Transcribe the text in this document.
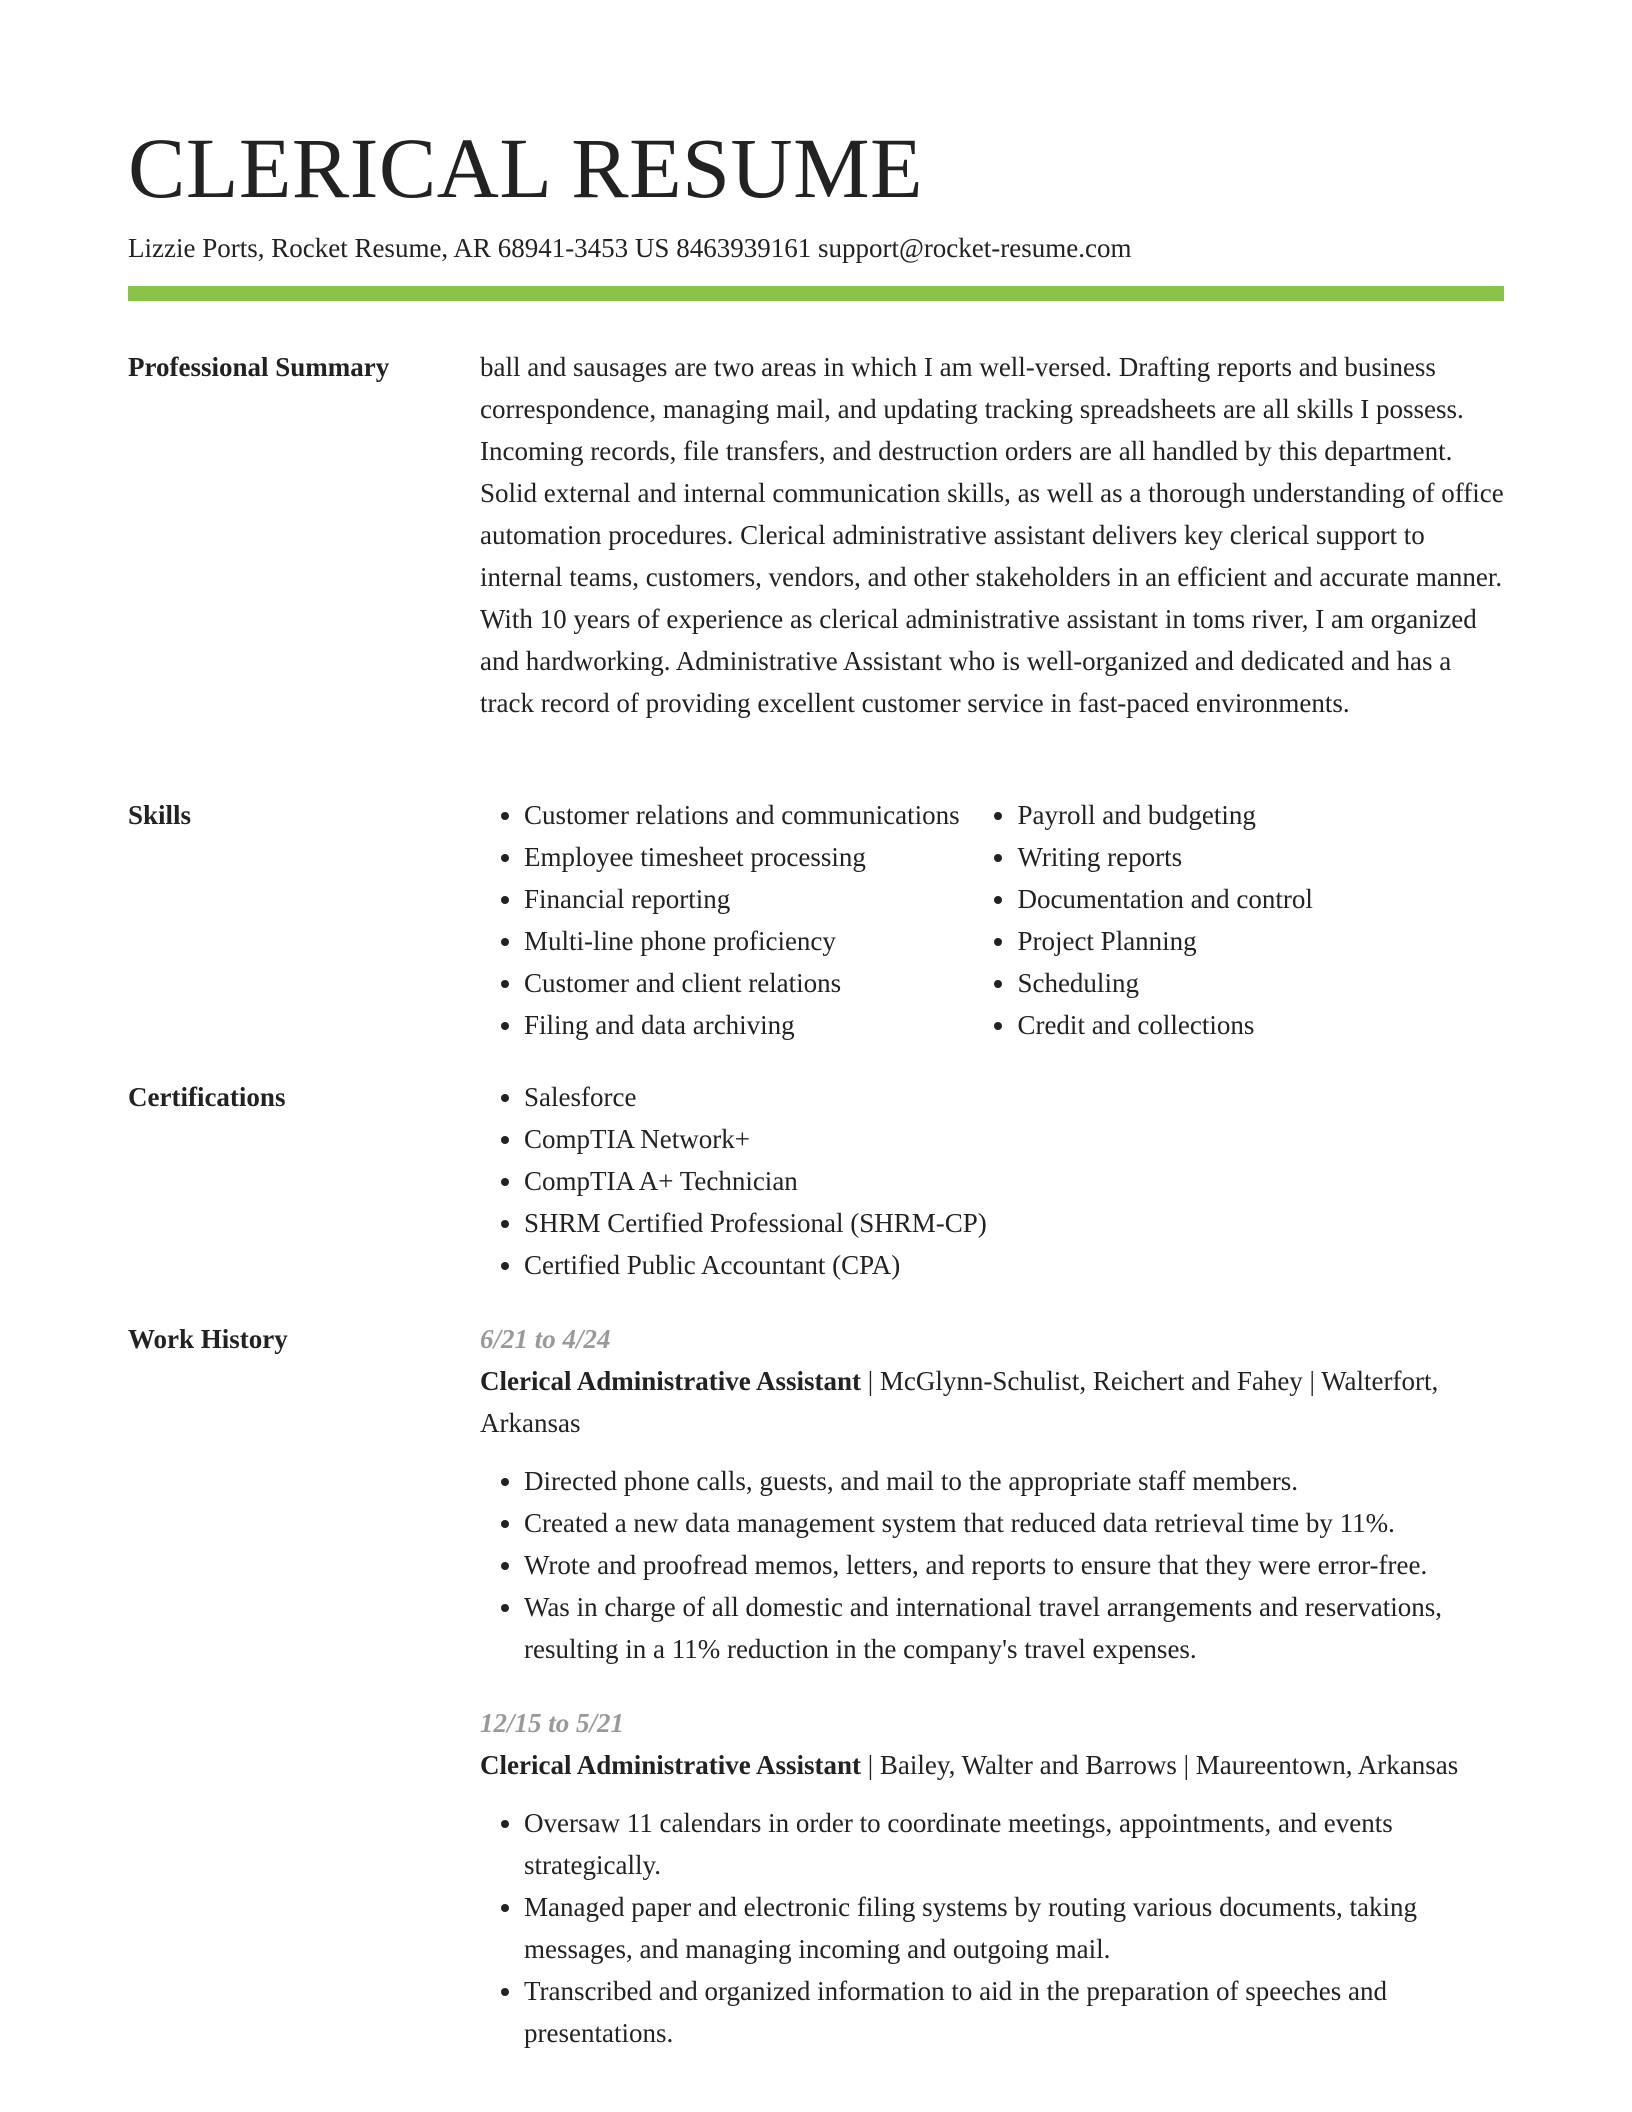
CLERICAL RESUME
Lizzie Ports, Rocket Resume, AR 68941-3453 US 8463939161 support@rocket-resume.com
Professional Summary	ball and sausages are two areas in which I am well-versed. Drafting reports and business correspondence, managing mail, and updating tracking spreadsheets are all skills I possess. Incoming records, file transfers, and destruction orders are all handled by this department. Solid external and internal communication skills, as well as a thorough understanding of office automation procedures. Clerical administrative assistant delivers key clerical support to internal teams, customers, vendors, and other stakeholders in an efficient and accurate manner. With 10 years of experience as clerical administrative assistant in toms river, I am organized and hardworking. Administrative Assistant who is well-organized and dedicated and has a track record of providing excellent customer service in fast-paced environments.

Skills	• Customer relations and communications
• Employee timesheet processing
• Financial reporting
• Multi-line phone proficiency
• Customer and client relations
• Filing and data archiving
• Payroll and budgeting
• Writing reports
• Documentation and control
• Project Planning
• Scheduling
• Credit and collections
Certifications	• Salesforce
• CompTIA Network+
• CompTIA A+ Technician
• SHRM Certified Professional (SHRM-CP)
• Certified Public Accountant (CPA)
Work History	6/21 to 4/24
Clerical Administrative Assistant | McGlynn-Schulist, Reichert and Fahey | Walterfort, Arkansas
• Directed phone calls, guests, and mail to the appropriate staff members.
• Created a new data management system that reduced data retrieval time by 11%.
• Wrote and proofread memos, letters, and reports to ensure that they were error-free.
• Was in charge of all domestic and international travel arrangements and reservations, resulting in a 11% reduction in the company's travel expenses.
12/15 to 5/21
Clerical Administrative Assistant | Bailey, Walter and Barrows | Maureentown, Arkansas
• Oversaw 11 calendars in order to coordinate meetings, appointments, and events strategically.
• Managed paper and electronic filing systems by routing various documents, taking messages, and managing incoming and outgoing mail.
• Transcribed and organized information to aid in the preparation of speeches and presentations.
